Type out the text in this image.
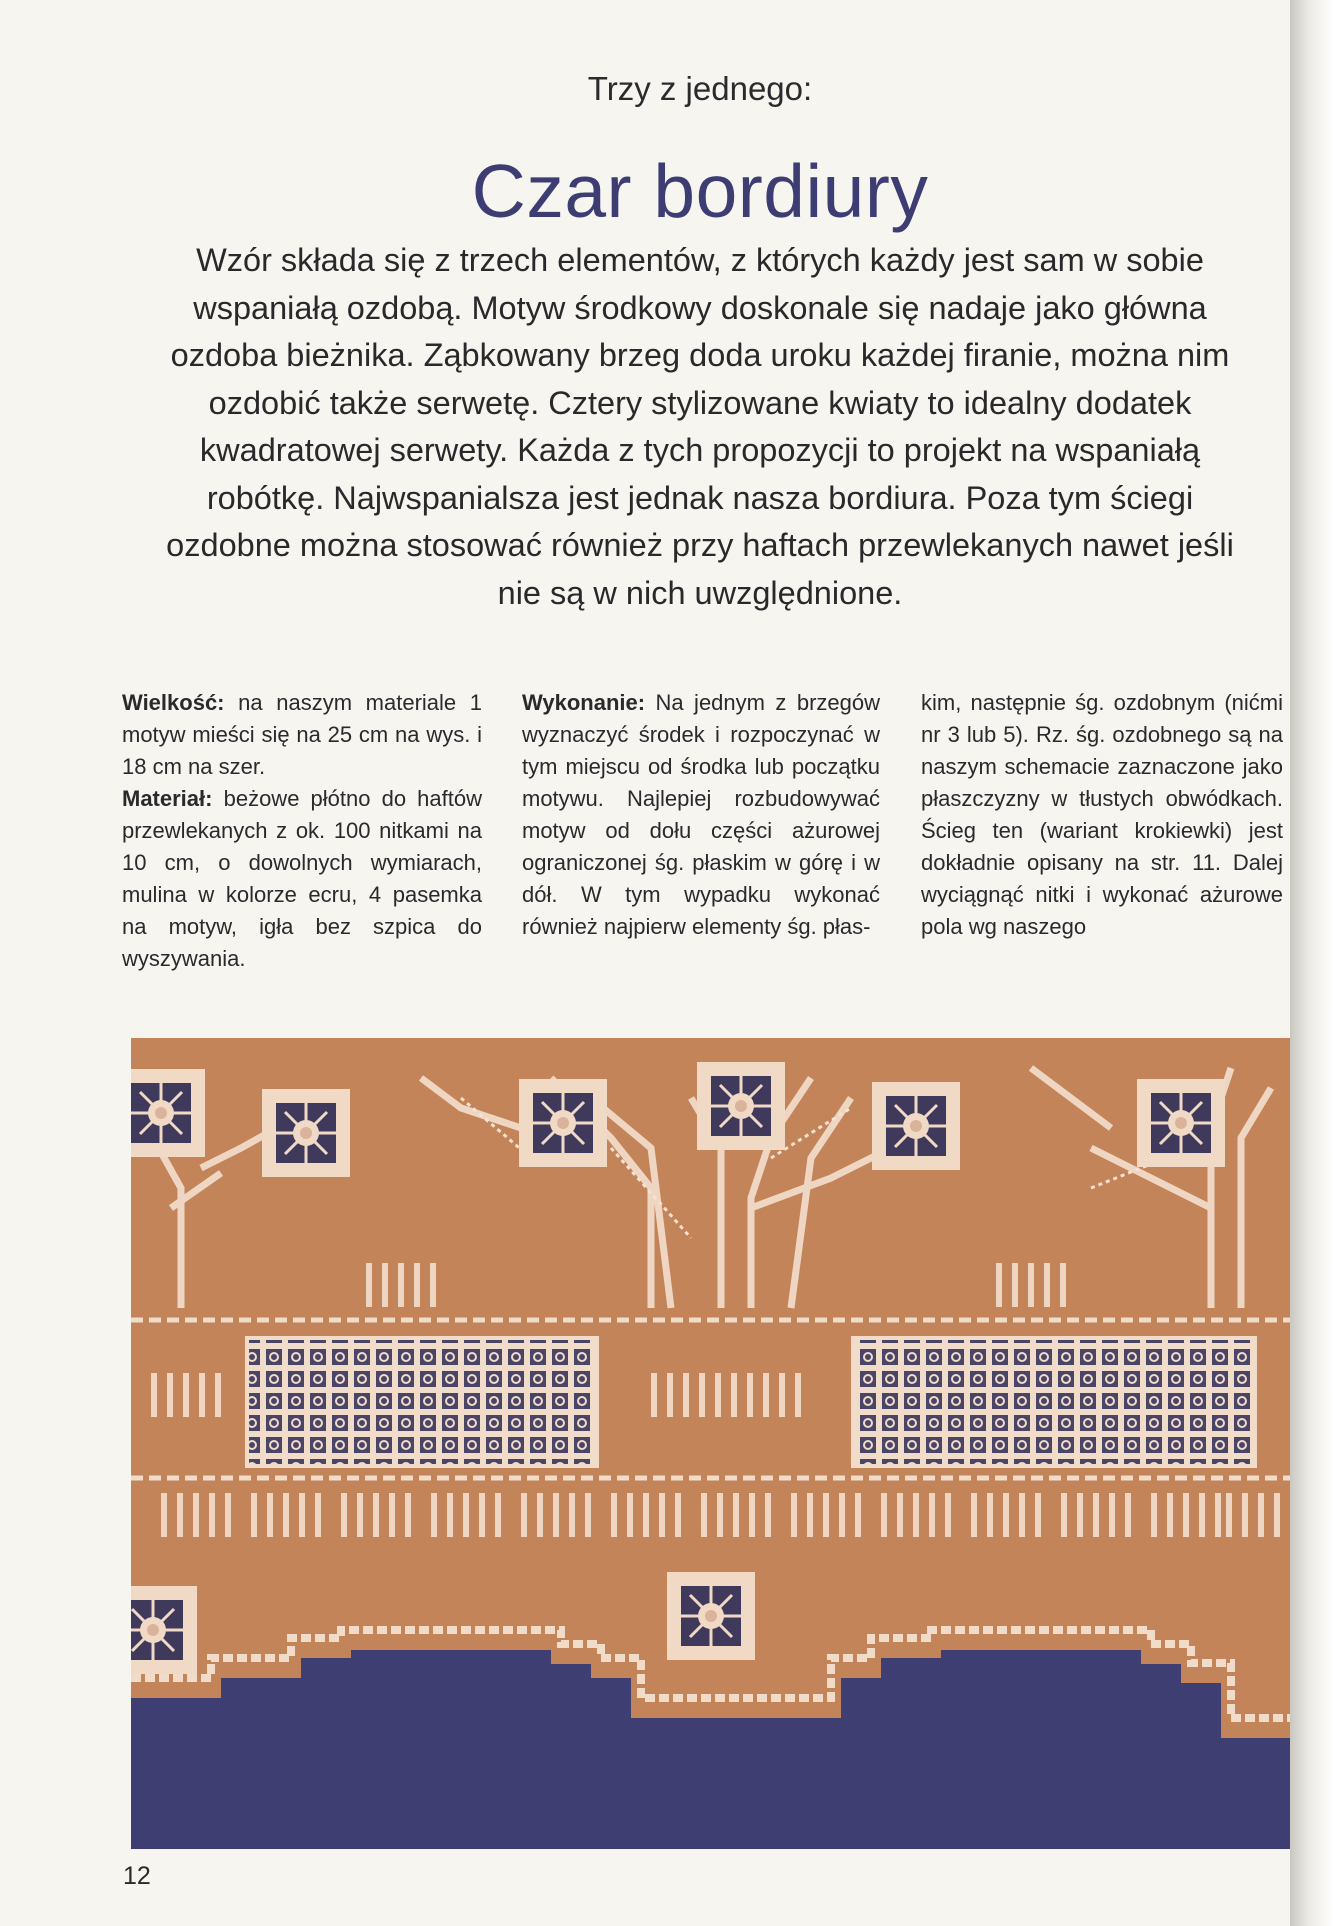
Trzy z jednego:
Czar bordiury

Wzór składa się z trzech elementów, z których każdy jest sam w sobie wspaniałą ozdobą. Motyw środkowy doskonale się nadaje jako główna ozdoba bieżnika. Ząbkowany brzeg doda uroku każdej firanie, można nim ozdobić także serwetę. Cztery stylizowane kwiaty to idealny dodatek kwadratowej serwety. Każda z tych propozycji to projekt na wspaniałą robótkę. Najwspanialsza jest jednak nasza bordiura. Poza tym ściegi ozdobne można stosować również przy haftach przewlekanych nawet jeśli nie są w nich uwzględnione.

Wielkość: na naszym materiale 1 motyw mieści się na 25 cm na wys. i 18 cm na szer.
Materiał: beżowe płótno do haftów przewlekanych z ok. 100 nitkami na 10 cm, o dowolnych wymiarach, mulina w kolorze ecru, 4 pasemka na motyw, igła bez szpica do wyszywania.

Wykonanie: Na jednym z brzegów wyznaczyć środek i rozpoczynać w tym miejscu od środka lub początku motywu. Najlepiej rozbudowywać motyw od dołu części ażurowej ograniczonej śg. płaskim w górę i w dół. W tym wypadku wykonać również najpierw elementy śg. płas-

kim, następnie śg. ozdobnym (nićmi nr 3 lub 5). Rz. śg. ozdobnego są na naszym schemacie zaznaczone jako płaszczyzny w tłustych obwódkach. Ścieg ten (wariant krokiewki) jest dokładnie opisany na str. 11. Dalej wyciągnąć nitki i wykonać ażurowe pola wg naszego

12
